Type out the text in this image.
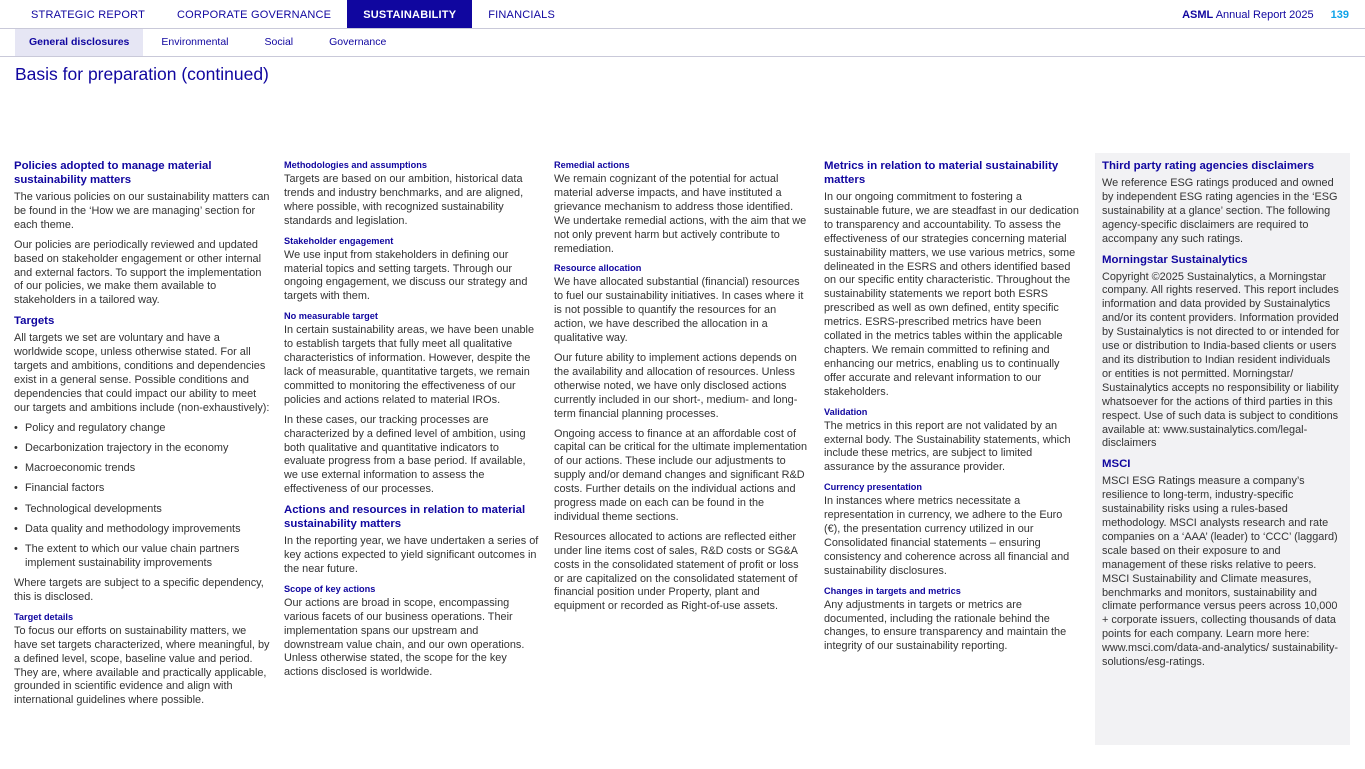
STRATEGIC REPORT	CORPORATE GOVERNANCE	SUSTAINABILITY	FINANCIALS	ASML Annual Report 2025 139
General disclosures	Environmental	Social	Governance
Basis for preparation (continued)
Policies adopted to manage material sustainability matters

The various policies on our sustainability matters can be found in the ‘How we are managing’ section for each theme.

Our policies are periodically reviewed and updated based on stakeholder engagement or other internal and external factors. To support the implementation of our policies, we make them available to stakeholders in a tailored way.

Targets

All targets we set are voluntary and have a worldwide scope, unless otherwise stated. For all targets and ambitions, conditions and dependencies exist in a general sense. Possible conditions and dependencies that could impact our ability to meet our targets and ambitions include (non-exhaustively):

• Policy and regulatory change
• Decarbonization trajectory in the economy
• Macroeconomic trends
• Financial factors
• Technological developments
• Data quality and methodology improvements
• The extent to which our value chain partners implement sustainability improvements

Where targets are subject to a specific dependency, this is disclosed.

Target details

To focus our efforts on sustainability matters, we have set targets characterized, where meaningful, by a defined level, scope, baseline value and period. They are, where available and practically applicable, grounded in scientific evidence and align with international guidelines where possible.

Methodologies and assumptions

Targets are based on our ambition, historical data trends and industry benchmarks, and are aligned, where possible, with recognized sustainability standards and legislation.

Stakeholder engagement

We use input from stakeholders in defining our material topics and setting targets. Through our ongoing engagement, we discuss our strategy and targets with them.

No measurable target

In certain sustainability areas, we have been unable to establish targets that fully meet all qualitative characteristics of information. However, despite the lack of measurable, quantitative targets, we remain committed to monitoring the effectiveness of our policies and actions related to material IROs.

In these cases, our tracking processes are characterized by a defined level of ambition, using both qualitative and quantitative indicators to evaluate progress from a base period. If available, we use external information to assess the effectiveness of our processes.

Actions and resources in relation to material sustainability matters

In the reporting year, we have undertaken a series of key actions expected to yield significant outcomes in the near future.

Scope of key actions

Our actions are broad in scope, encompassing various facets of our business operations. Their implementation spans our upstream and downstream value chain, and our own operations. Unless otherwise stated, the scope for the key actions disclosed is worldwide.

Remedial actions

We remain cognizant of the potential for actual material adverse impacts, and have instituted a grievance mechanism to address those identified. We undertake remedial actions, with the aim that we not only prevent harm but actively contribute to remediation.

Resource allocation

We have allocated substantial (financial) resources to fuel our sustainability initiatives. In cases where it is not possible to quantify the resources for an action, we have described the allocation in a qualitative way.

Our future ability to implement actions depends on the availability and allocation of resources. Unless otherwise noted, we have only disclosed actions currently included in our short-, medium- and long-term financial planning processes.

Ongoing access to finance at an affordable cost of capital can be critical for the ultimate implementation of our actions. These include our adjustments to supply and/or demand changes and significant R&D costs. Further details on the individual actions and progress made on each can be found in the individual theme sections.

Resources allocated to actions are reflected either under line items cost of sales, R&D costs or SG&A costs in the consolidated statement of profit or loss or are capitalized on the consolidated statement of financial position under Property, plant and equipment or recorded as Right-of-use assets.

Metrics in relation to material sustainability matters

In our ongoing commitment to fostering a sustainable future, we are steadfast in our dedication to transparency and accountability. To assess the effectiveness of our strategies concerning material sustainability matters, we use various metrics, some delineated in the ESRS and others identified based on our specific entity characteristic. Throughout the sustainability statements we report both ESRS prescribed as well as own defined, entity specific metrics. ESRS-prescribed metrics have been collated in the metrics tables within the applicable chapters. We remain committed to refining and enhancing our metrics, enabling us to continually offer accurate and relevant information to our stakeholders.

Validation

The metrics in this report are not validated by an external body. The Sustainability statements, which include these metrics, are subject to limited assurance by the assurance provider.

Currency presentation

In instances where metrics necessitate a representation in currency, we adhere to the Euro (€), the presentation currency utilized in our Consolidated financial statements – ensuring consistency and coherence across all financial and sustainability disclosures.

Changes in targets and metrics

Any adjustments in targets or metrics are documented, including the rationale behind the changes, to ensure transparency and maintain the integrity of our sustainability reporting.

Third party rating agencies disclaimers

We reference ESG ratings produced and owned by independent ESG rating agencies in the ‘ESG sustainability at a glance’ section. The following agency-specific disclaimers are required to accompany any such ratings.

Morningstar Sustainalytics

Copyright ©2025 Sustainalytics, a Morningstar company. All rights reserved. This report includes information and data provided by Sustainalytics and/or its content providers. Information provided by Sustainalytics is not directed to or intended for use or distribution to India-based clients or users and its distribution to Indian resident individuals or entities is not permitted. Morningstar/ Sustainalytics accepts no responsibility or liability whatsoever for the actions of third parties in this respect. Use of such data is subject to conditions available at: www.sustainalytics.com/legal-disclaimers

MSCI

MSCI ESG Ratings measure a company’s resilience to long-term, industry-specific sustainability risks using a rules-based methodology. MSCI analysts research and rate companies on a ‘AAA’ (leader) to ‘CCC’ (laggard) scale based on their exposure to and management of these risks relative to peers. MSCI Sustainability and Climate measures, benchmarks and monitors, sustainability and climate performance versus peers across 10,000 + corporate issuers, collecting thousands of data points for each company. Learn more here: www.msci.com/data-and-analytics/ sustainability-solutions/esg-ratings.
